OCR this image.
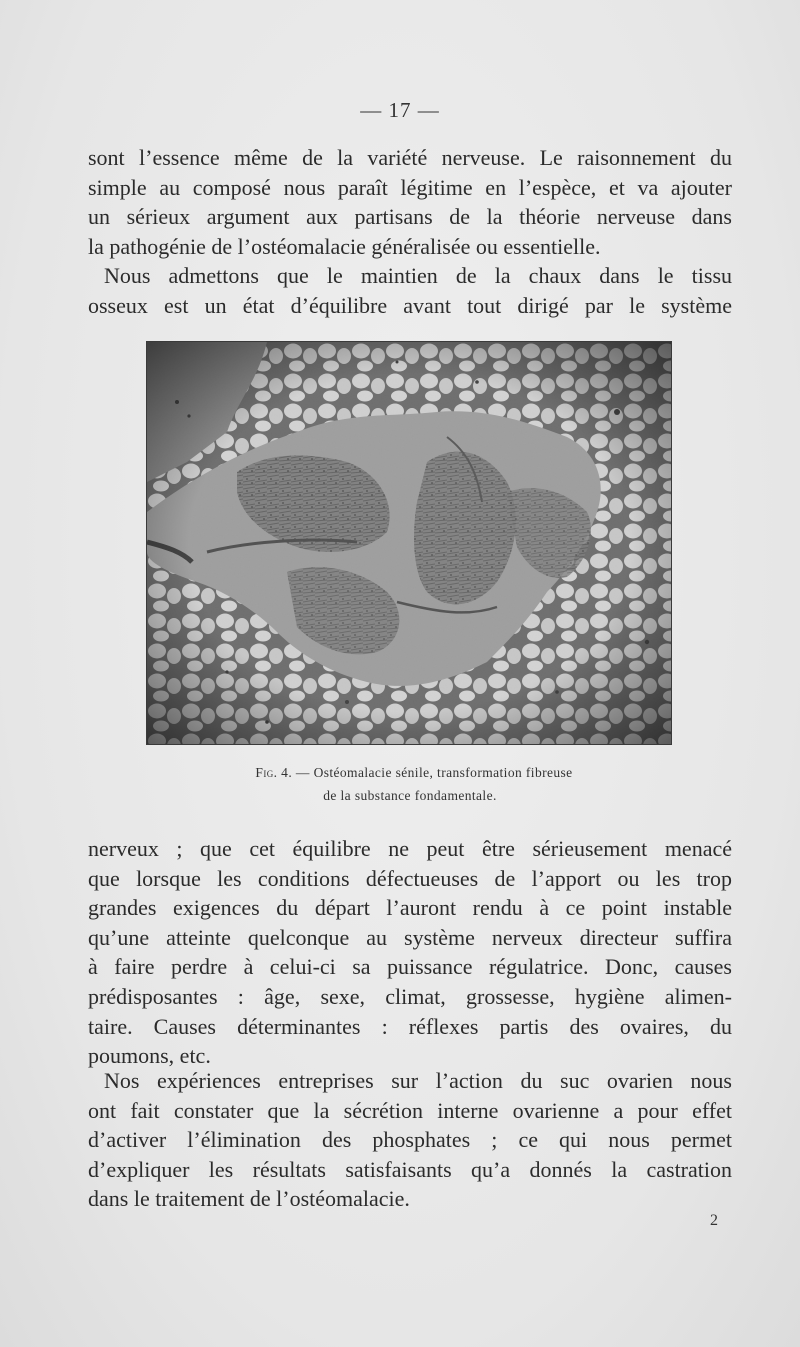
— 17 —
sont l’essence même de la variété nerveuse. Le raisonnement du
simple au composé nous paraît légitime en l’espèce, et va ajouter
un sérieux argument aux partisans de la théorie nerveuse dans
la pathogénie de l’ostéomalacie généralisée ou essentielle.
Nous admettons que le maintien de la chaux dans le tissu
osseux est un état d’équilibre avant tout dirigé par le système
Fig. 4. — Ostéomalacie sénile, transformation fibreuse
de la substance fondamentale.
nerveux ; que cet équilibre ne peut être sérieusement menacé
que lorsque les conditions défectueuses de l’apport ou les trop
grandes exigences du départ l’auront rendu à ce point instable
qu’une atteinte quelconque au système nerveux directeur suffira
à faire perdre à celui-ci sa puissance régulatrice. Donc, causes
prédisposantes : âge, sexe, climat, grossesse, hygiène alimen-
taire. Causes déterminantes : réflexes partis des ovaires, du
poumons, etc.
Nos expériences entreprises sur l’action du suc ovarien nous
ont fait constater que la sécrétion interne ovarienne a pour effet
d’activer l’élimination des phosphates ; ce qui nous permet
d’expliquer les résultats satisfaisants qu’a donnés la castration
dans le traitement de l’ostéomalacie.
2
